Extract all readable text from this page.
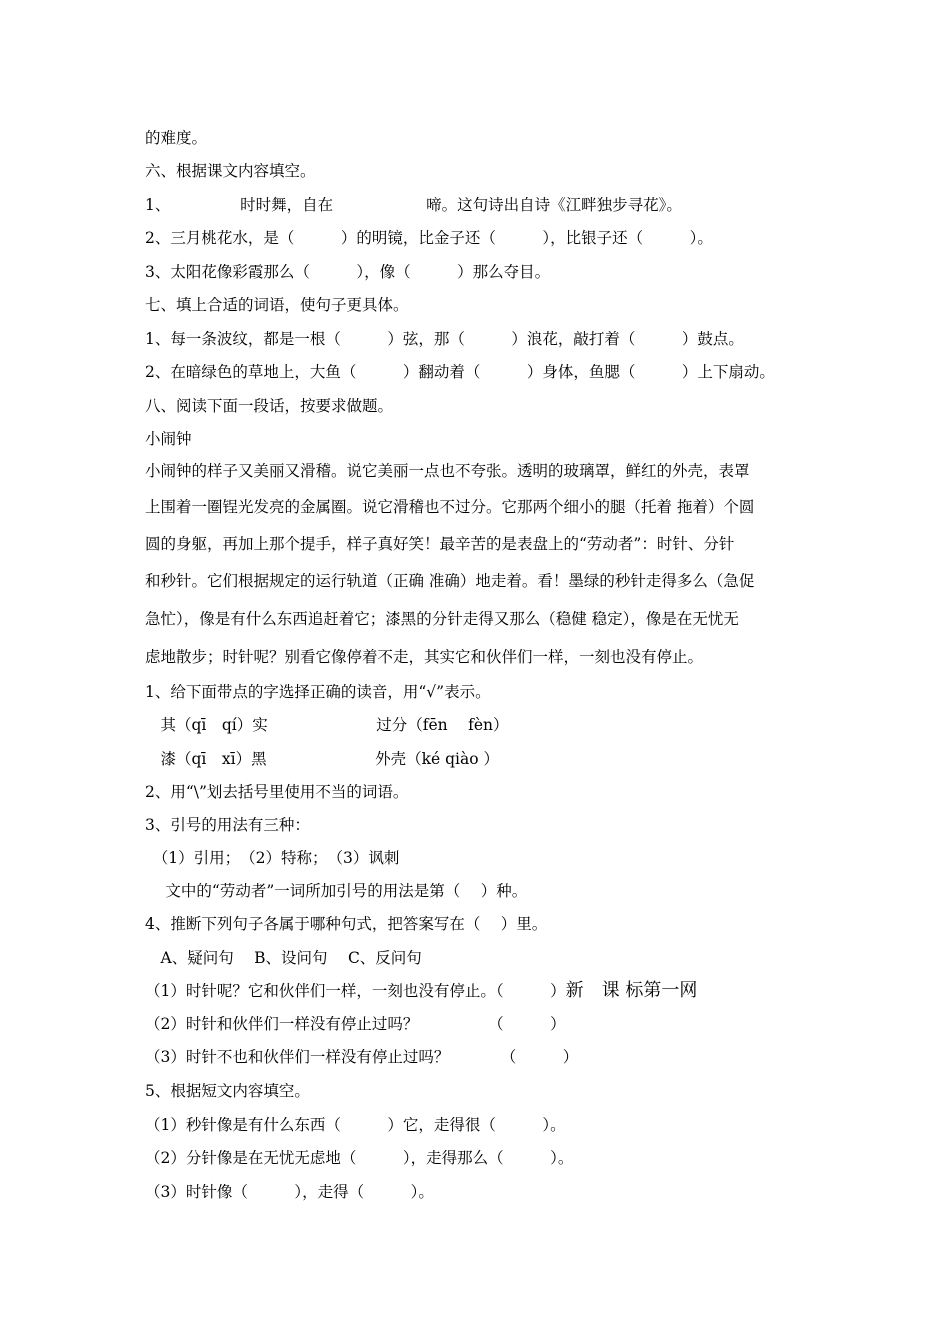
的难度。
六、根据课文内容填空。
1、　　　　　时时舞，自在　　　　　　啼。这句诗出自诗《江畔独步寻花》。
2、三月桃花水，是（　　　）的明镜，比金子还（　　　），比银子还（　　　）。
3、太阳花像彩霞那么（　　　），像（　　　）那么夺目。
七、填上合适的词语，使句子更具体。
1、每一条波纹，都是一根（　　　）弦，那（　　　）浪花，敲打着（　　　）鼓点。
2、在暗绿色的草地上，大鱼（　　　）翻动着（　　　）身体，鱼腮（　　　）上下扇动。
八、阅读下面一段话，按要求做题。
小闹钟
小闹钟的样子又美丽又滑稽。说它美丽一点也不夸张。透明的玻璃罩，鲜红的外壳，表罩
上围着一圈锃光发亮的金属圈。说它滑稽也不过分。它那两个细小的腿（托着 拖着）个圆
圆的身躯，再加上那个提手，样子真好笑！最辛苦的是表盘上的“劳动者”：时针、分针
和秒针。它们根据规定的运行轨道（正确 准确）地走着。看！墨绿的秒针走得多么（急促
急忙），像是有什么东西追赶着它；漆黑的分针走得又那么（稳健 稳定），像是在无忧无
虑地散步；时针呢？别看它像停着不走，其实它和伙伴们一样，一刻也没有停止。
1、给下面带点的字选择正确的读音，用“√”表示。
　其（qī　qí）实　　　　　　　过分（fēn　 fèn）
　漆（qī　xī）黑　　　　　　　外壳（ké qiào ）
2、用“\”划去括号里使用不当的词语。
3、引号的用法有三种：
　（1）引用；　（2）特称；　（3）讽刺
　 文中的“劳动者”一词所加引号的用法是第（　 ）种。
4、推断下列句子各属于哪种句式，把答案写在（　 ）里。
　A、疑问句　 B、设问句　 C、反问句
（1）时针呢？它和伙伴们一样，一刻也没有停止。（　　　）新　课 标第一网
（2）时针和伙伴们一样没有停止过吗？　　　　　（　　　）
（3）时针不也和伙伴们一样没有停止过吗？　　　 （　　　）
5、根据短文内容填空。
（1）秒针像是有什么东西（　　　）它，走得很（　　　）。
（2）分针像是在无忧无虑地（　　　），走得那么（　　　）。
（3）时针像（　　　），走得（　　　）。
